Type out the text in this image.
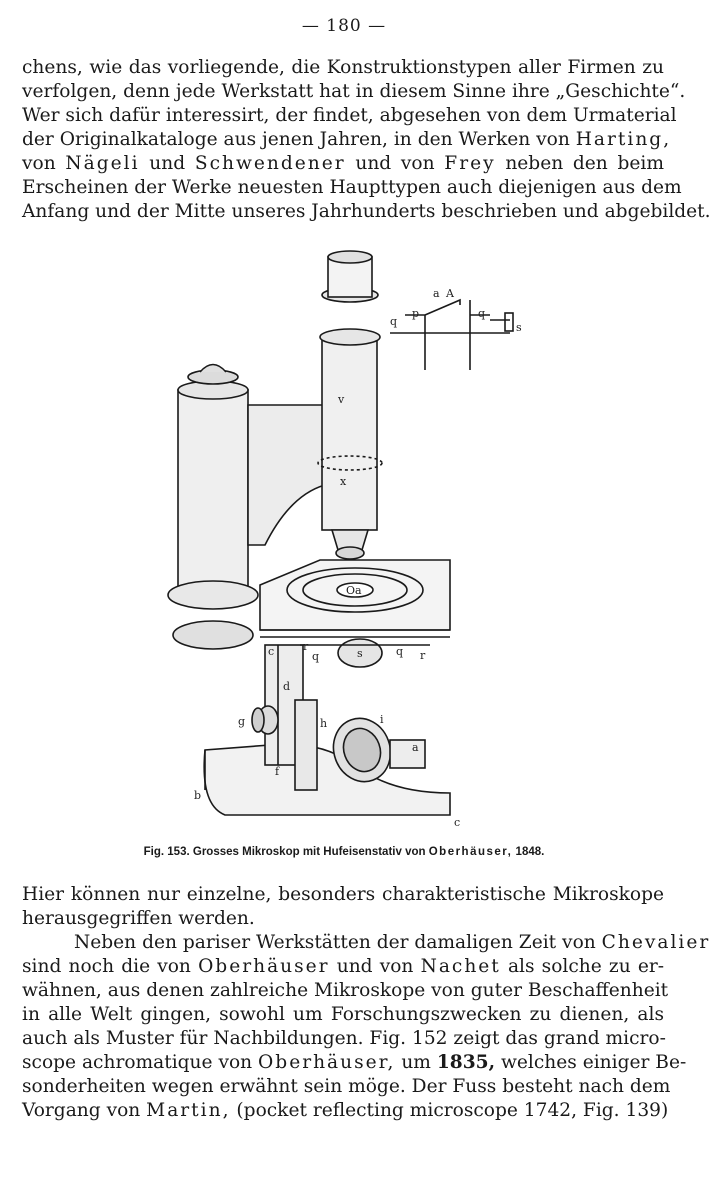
— 180 —
chens, wie das vorliegende, die Konstruktionstypen aller Firmen zu
verfolgen, denn jede Werkstatt hat in diesem Sinne ihre „Geschichte“.
Wer sich dafür interessirt, der findet, abgesehen von dem Urmaterial
der Originalkataloge aus jenen Jahren, in den Werken von Harting,
von Nägeli und Schwendener und von Frey neben den beim
Erscheinen der Werke neuesten Haupttypen auch diejenigen aus dem
Anfang und der Mitte unseres Jahrhunderts beschrieben und abgebildet.
v
x
Oa
s
r
q	q r
c
d
g	h	i
a
f
b
c
A
a
p
q
q
s
Fig. 153. Grosses Mikroskop mit Hufeisenstativ von Oberhäuser, 1848.
Hier können nur einzelne, besonders charakteristische Mikroskope
herausgegriffen werden.
Neben den pariser Werkstätten der damaligen Zeit von Chevalier
sind noch die von Oberhäuser und von Nachet als solche zu er-
wähnen, aus denen zahlreiche Mikroskope von guter Beschaffenheit
in alle Welt gingen, sowohl um Forschungszwecken zu dienen, als
auch als Muster für Nachbildungen. Fig. 152 zeigt das grand micro-
scope achromatique von Oberhäuser, um 1835, welches einiger Be-
sonderheiten wegen erwähnt sein möge. Der Fuss besteht nach dem
Vorgang von Martin, (pocket reflecting microscope 1742, Fig. 139)
